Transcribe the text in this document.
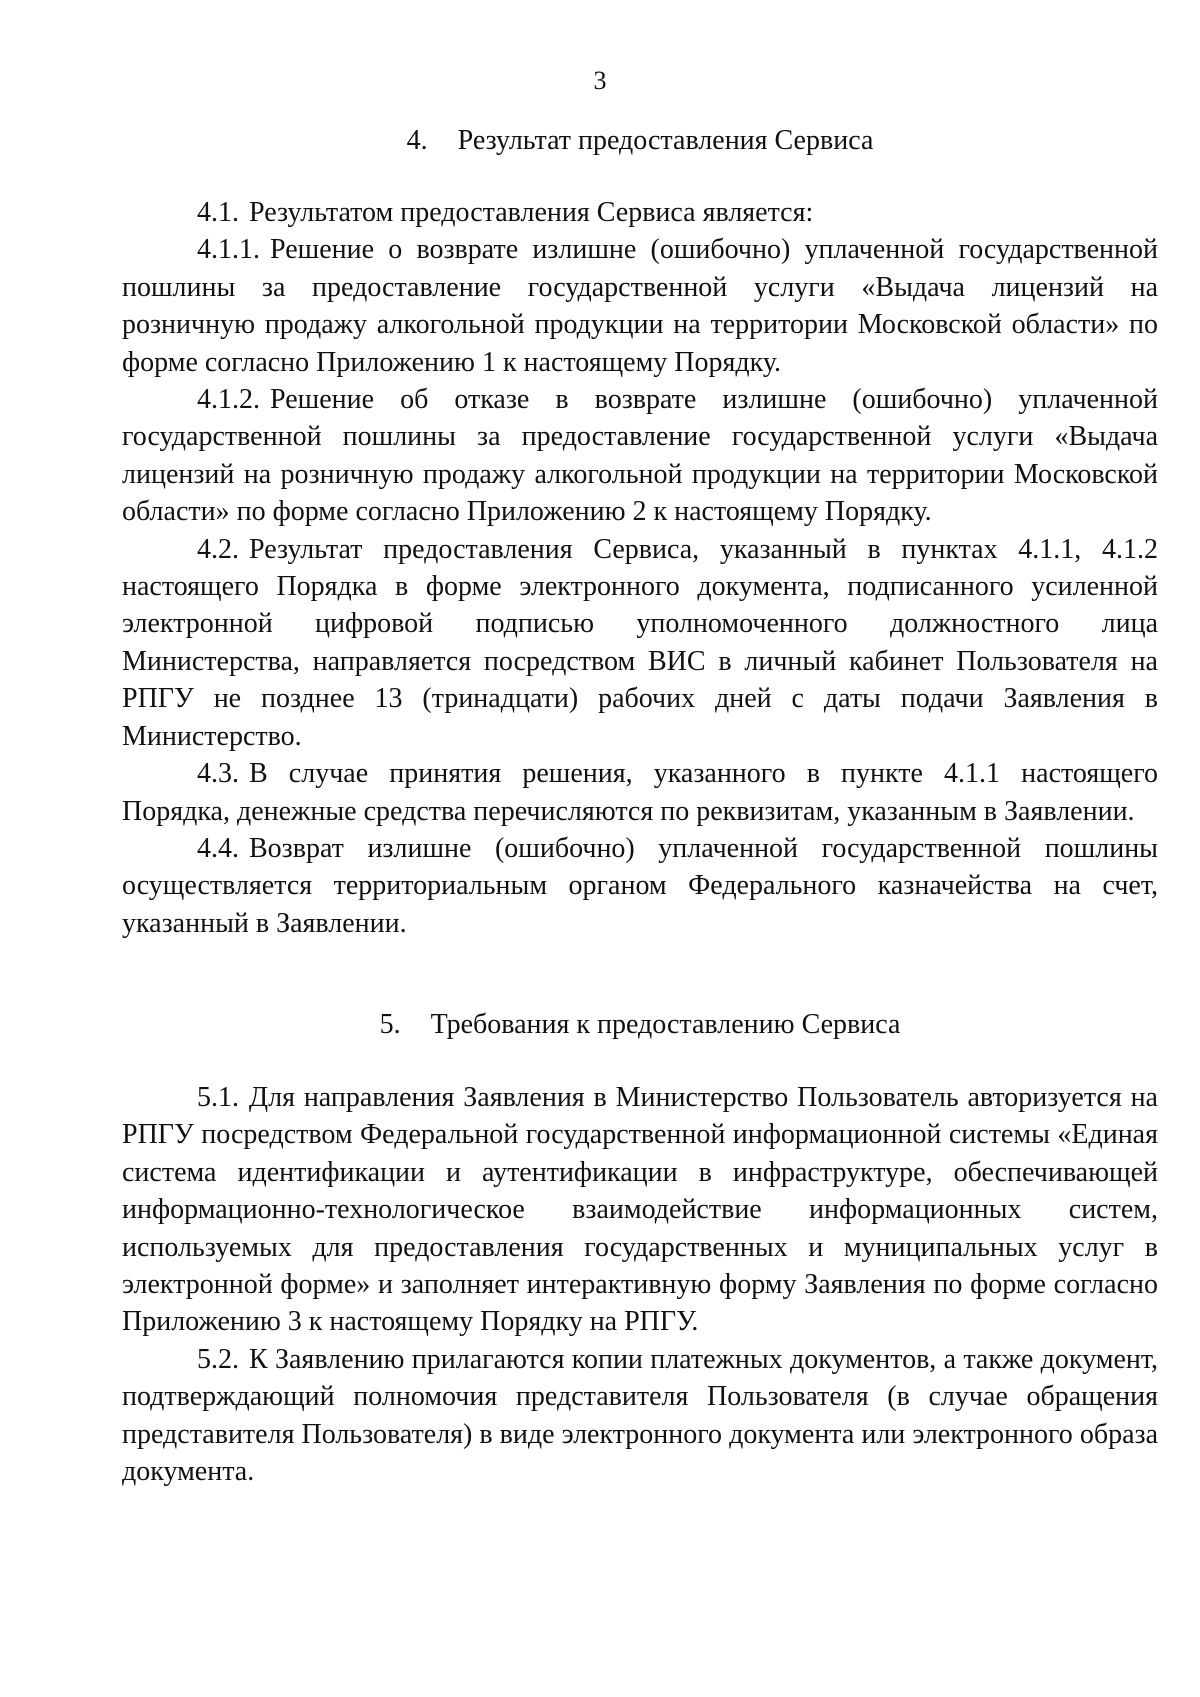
3
4. Результат предоставления Сервиса

4.1. Результатом предоставления Сервиса является:

4.1.1. Решение о возврате излишне (ошибочно) уплаченной государственной пошлины за предоставление государственной услуги «Выдача лицензий на розничную продажу алкогольной продукции на территории Московской области» по форме согласно Приложению 1 к настоящему Порядку.

4.1.2. Решение об отказе в возврате излишне (ошибочно) уплаченной государственной пошлины за предоставление государственной услуги «Выдача лицензий на розничную продажу алкогольной продукции на территории Московской области» по форме согласно Приложению 2 к настоящему Порядку.

4.2. Результат предоставления Сервиса, указанный в пунктах 4.1.1, 4.1.2 настоящего Порядка в форме электронного документа, подписанного усиленной электронной цифровой подписью уполномоченного должностного лица Министерства, направляется посредством ВИС в личный кабинет Пользователя на РПГУ не позднее 13 (тринадцати) рабочих дней с даты подачи Заявления в Министерство.

4.3. В случае принятия решения, указанного в пункте 4.1.1 настоящего Порядка, денежные средства перечисляются по реквизитам, указанным в Заявлении.

4.4. Возврат излишне (ошибочно) уплаченной государственной пошлины осуществляется территориальным органом Федерального казначейства на счет, указанный в Заявлении.

5. Требования к предоставлению Сервиса

5.1. Для направления Заявления в Министерство Пользователь авторизуется на РПГУ посредством Федеральной государственной информационной системы «Единая система идентификации и аутентификации в инфраструктуре, обеспечивающей информационно-технологическое взаимодействие информационных систем, используемых для предоставления государственных и муниципальных услуг в электронной форме» и заполняет интерактивную форму Заявления по форме согласно Приложению 3 к настоящему Порядку на РПГУ.

5.2. К Заявлению прилагаются копии платежных документов, а также документ, подтверждающий полномочия представителя Пользователя (в случае обращения представителя Пользователя) в виде электронного документа или электронного образа документа.
